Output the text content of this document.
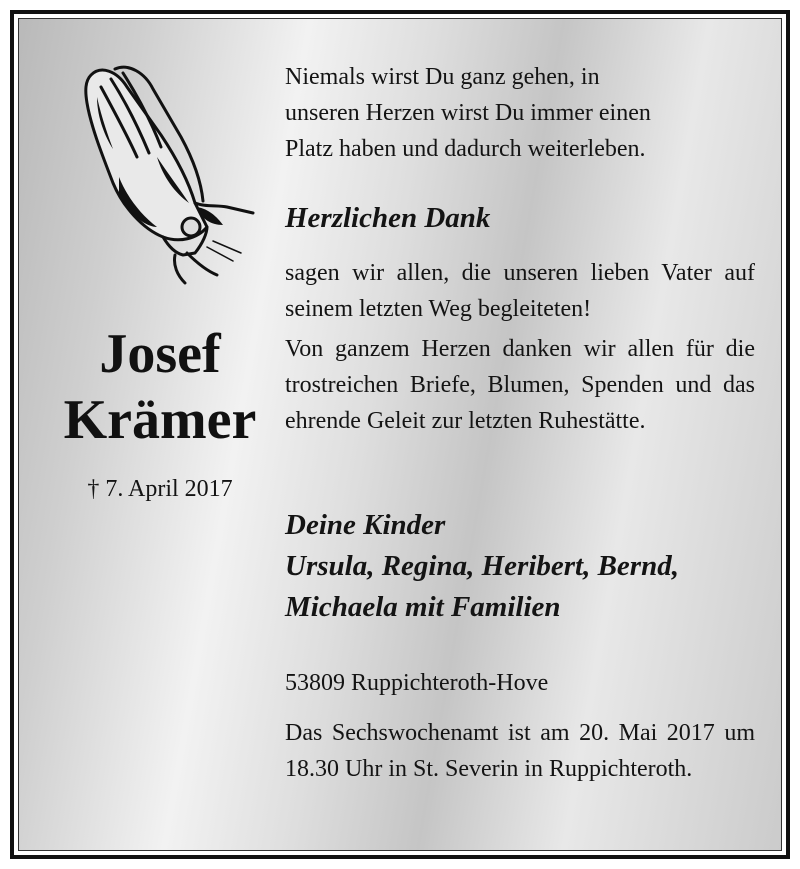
Josef
Krämer
† 7. April 2017
Niemals wirst Du ganz gehen, in
unseren Herzen wirst Du immer einen
Platz haben und dadurch weiterleben.
Herzlichen Dank

sagen wir allen, die unseren lieben Vater auf seinem letzten Weg begleiteten!

Von ganzem Herzen danken wir allen für die trostreichen Briefe, Blumen, Spenden und das ehrende Geleit zur letzten Ruhestätte.

Deine Kinder
Ursula, Regina, Heribert, Bernd,
Michaela mit Familien
53809 Ruppichteroth-Hove

Das Sechswochenamt ist am 20. Mai 2017 um 18.30 Uhr in St. Severin in Ruppichteroth.
